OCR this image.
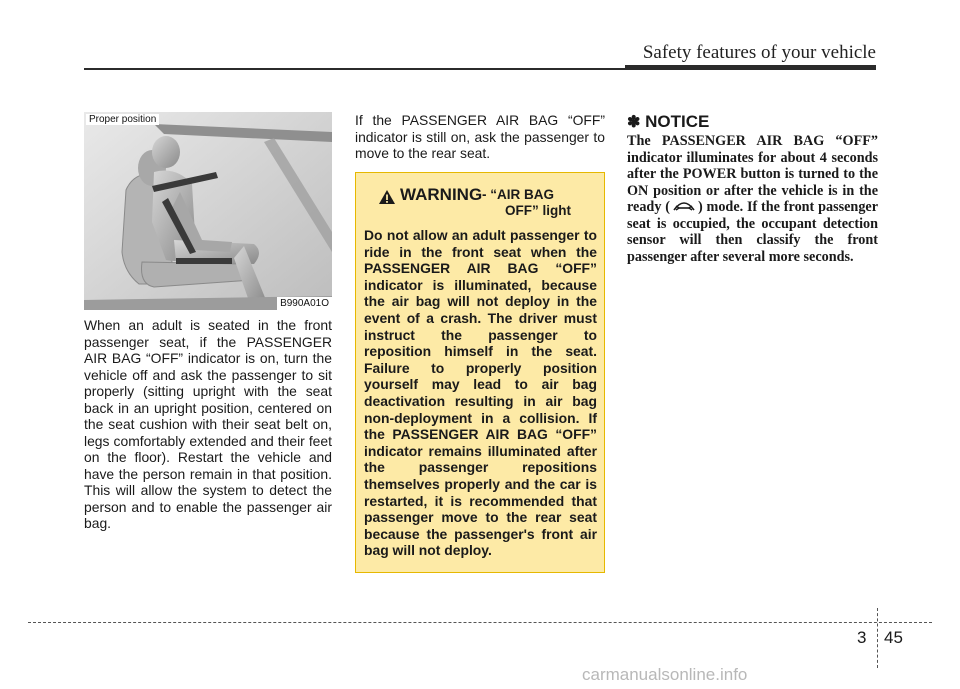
Safety features of your vehicle
Proper position
B990A01O

When an adult is seated in the front passenger seat, if the PASSENGER AIR BAG “OFF” indicator is on, turn the vehicle off and ask the passenger to sit properly (sitting upright with the seat back in an upright position, centered on the seat cushion with their seat belt on, legs comfortably extended and their feet on the floor). Restart the vehicle and have the person remain in that position. This will allow the system to detect the person and to enable the passenger air bag.

If the PASSENGER AIR BAG “OFF” indicator is still on, ask the passenger to move to the rear seat.

WARNING - “AIR BAG
OFF” light

Do not allow an adult passenger to ride in the front seat when the PASSENGER AIR BAG “OFF” indicator is illuminated, because the air bag will not deploy in the event of a crash. The driver must instruct the passenger to reposition himself in the seat. Failure to properly position yourself may lead to air bag deactivation resulting in air bag non-deployment in a collision. If the PASSENGER AIR BAG “OFF” indicator remains illuminated after the passenger repositions themselves properly and the car is restarted, it is recommended that passenger move to the rear seat because the passenger's front air bag will not deploy.

✽ NOTICE

The PASSENGER AIR BAG “OFF” indicator illuminates for about 4 seconds after the POWER button is turned to the ON position or after the vehicle is in the ready ( ) mode. If the front passenger seat is occupied, the occupant detection sensor will then classify the front passenger after several more seconds.

3 45
carmanualsonline.info
